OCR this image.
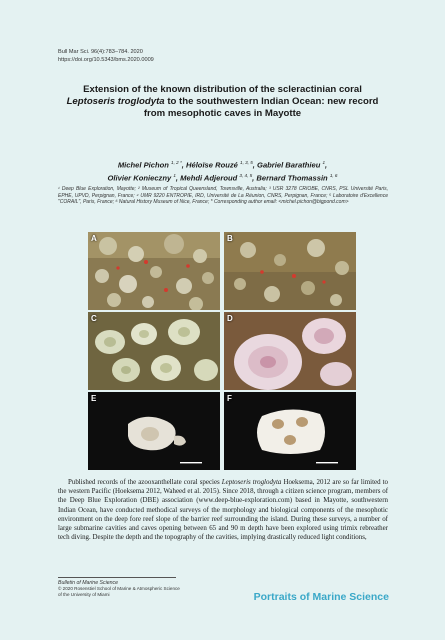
Bull Mar Sci. 96(4):783–784. 2020
https://doi.org/10.5343/bms.2020.0009
Extension of the known distribution of the scleractinian coral Leptoseris troglodyta to the southwestern Indian Ocean: new record from mesophotic caves in Mayotte
Michel Pichon $^{1, 2 *}$, Héloïse Rouzé $^{1, 3, 5}$, Gabriel Barathieu $^1$,
Olivier Konieczny $^1$, Mehdi Adjeroud $^{3, 4, 5}$, Bernard Thomassin $^{1, 6}$
¹ Deep Blue Exploration, Mayotte; ² Museum of Tropical Queensland, Townsville, Australia; ³ USR 3278 CRIOBE, CNRS, PSL Université Paris, EPHE, UPVD, Perpignan, France; ⁴ UMR 9220 ENTROPIE, IRD, Université de La Réunion, CNRS, Perpignan, France; ⁵ Laboratoire d'Excellence "CORAIL", Paris, France; ⁶ Natural History Museum of Nice, France; * Corresponding author email: <michel.pichon@bigpond.com>
A	B
C	D
E	F
Published records of the azooxanthellate coral species Leptoseris troglodyta Hoeksema, 2012 are so far limited to the western Pacific (Hoeksema 2012, Waheed et al. 2015). Since 2018, through a citizen science program, members of the Deep Blue Exploration (DBE) association (www.deep-blue-exploration.com) based in Mayotte, southwestern Indian Ocean, have conducted methodical surveys of the morphology and biological components of the mesophotic environment on the deep fore reef slope of the barrier reef surrounding the island. During these surveys, a number of large submarine cavities and caves opening between 65 and 90 m depth have been explored using trimix rebreather tech diving. Despite the depth and the topography of the cavities, implying drastically reduced light conditions,
Bulletin of Marine Science
© 2020 Rosenstiel School of Marine & Atmospheric Science
of the University of Miami	Portraits of Marine Science
